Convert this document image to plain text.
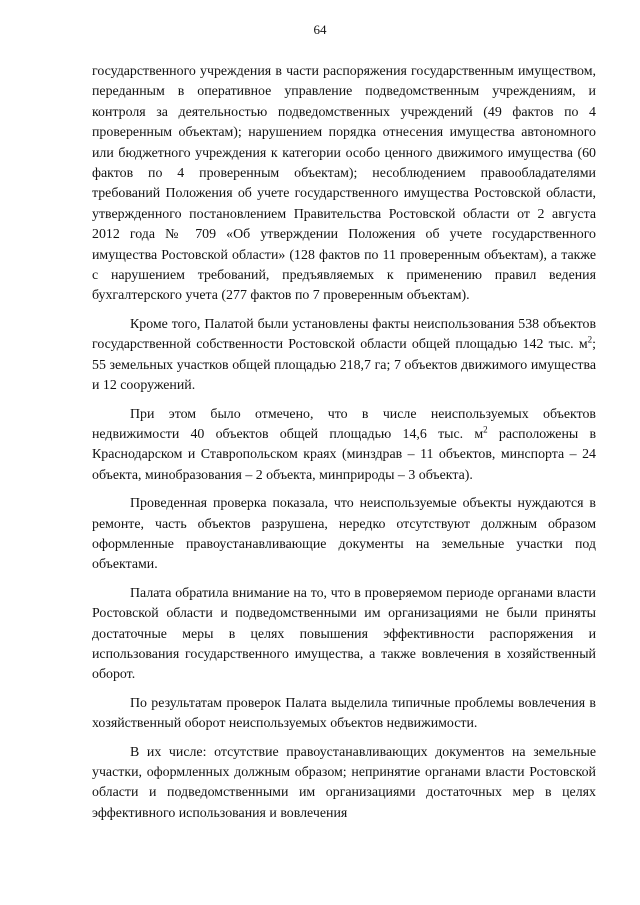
64

государственного учреждения в части распоряжения государственным имуществом, переданным в оперативное управление подведомственным учреждениям, и контроля за деятельностью подведомственных учреждений (49 фактов по 4 проверенным объектам); нарушением порядка отнесения имущества автономного или бюджетного учреждения к категории особо ценного движимого имущества (60 фактов по 4 проверенным объектам); несоблюдением правообладателями требований Положения об учете государственного имущества Ростовской области, утвержденного постановлением Правительства Ростовской области от 2 августа 2012 года № 709 «Об утверждении Положения об учете государственного имущества Ростовской области» (128 фактов по 11 проверенным объектам), а также с нарушением требований, предъявляемых к применению правил ведения бухгалтерского учета (277 фактов по 7 проверенным объектам).

Кроме того, Палатой были установлены факты неиспользования 538 объектов государственной собственности Ростовской области общей площадью 142 тыс. $м^2$; 55 земельных участков общей площадью 218,7 га; 7 объектов движимого имущества и 12 сооружений.

При этом было отмечено, что в числе неиспользуемых объектов недвижимости 40 объектов общей площадью 14,6 тыс. $м^2$ расположены в Краснодарском и Ставропольском краях (минздрав – 11 объектов, минспорта – 24 объекта, минобразования – 2 объекта, минприроды – 3 объекта).

Проведенная проверка показала, что неиспользуемые объекты нуждаются в ремонте, часть объектов разрушена, нередко отсутствуют должным образом оформленные правоустанавливающие документы на земельные участки под объектами.

Палата обратила внимание на то, что в проверяемом периоде органами власти Ростовской области и подведомственными им организациями не были приняты достаточные меры в целях повышения эффективности распоряжения и использования государственного имущества, а также вовлечения в хозяйственный оборот.

По результатам проверок Палата выделила типичные проблемы вовлечения в хозяйственный оборот неиспользуемых объектов недвижимости.

В их числе: отсутствие правоустанавливающих документов на земельные участки, оформленных должным образом; непринятие органами власти Ростовской области и подведомственными им организациями достаточных мер в целях эффективного использования и вовлечения
